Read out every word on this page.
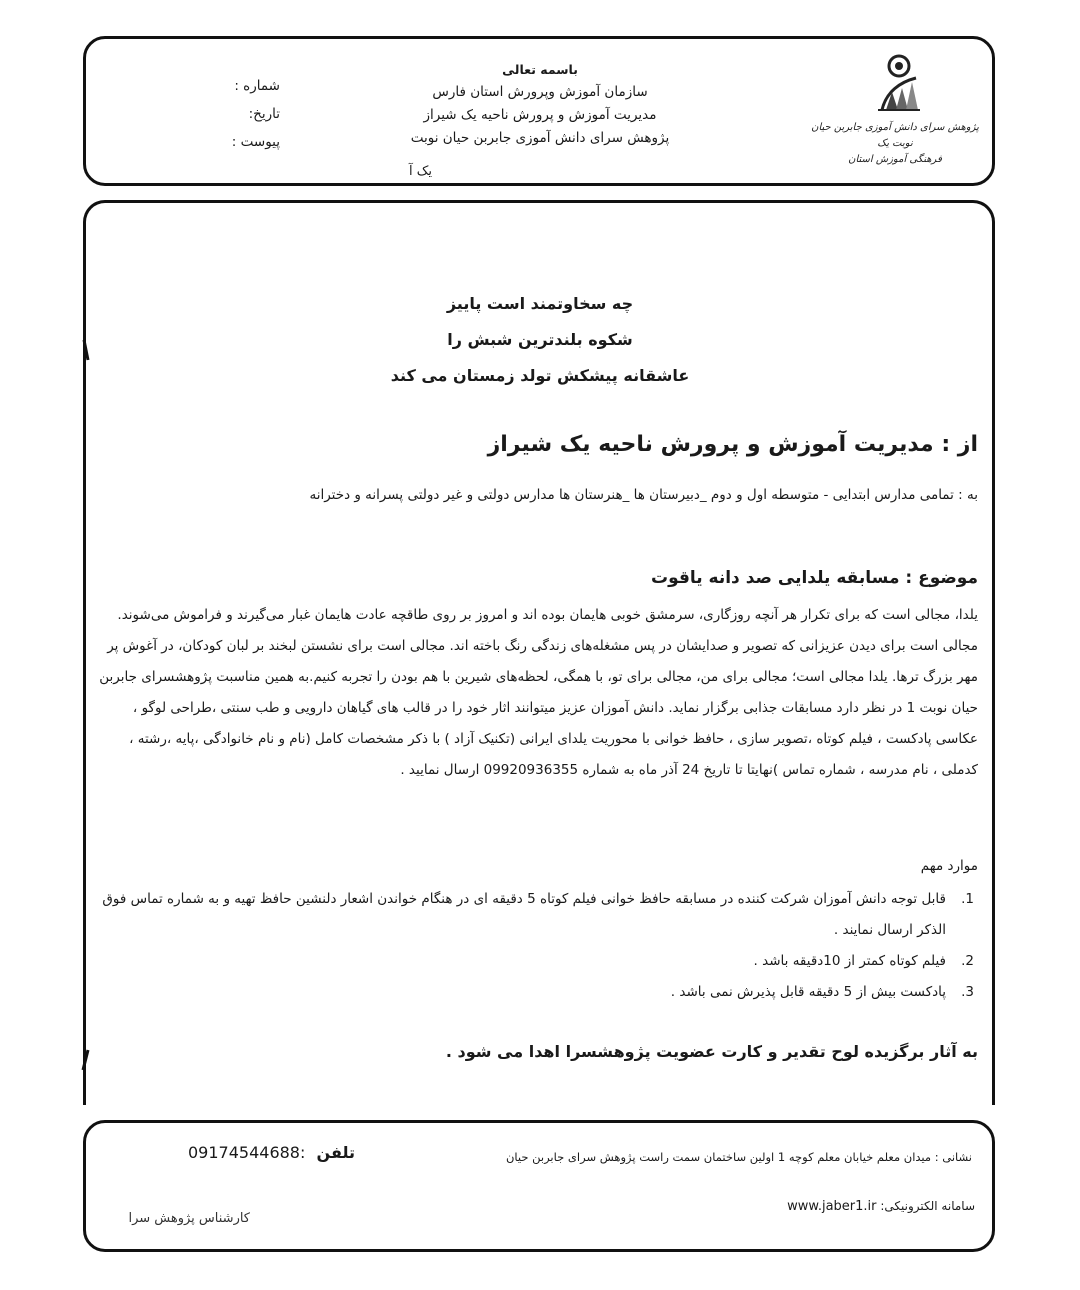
پژوهش سرای دانش آموزی جابربن حیان نوبت یک
فرهنگی آموزش استان
باسمه تعالی
سازمان آموزش وپرورش استان فارس
مدیریت آموزش و پرورش ناحیه یک شیراز
پژوهش سرای دانش آموزی جابربن حیان نوبت
یک آ
شماره :
تاریخ:
پیوست :
چه سخاوتمند است پاییز
شکوه بلندترین شبش را
عاشقانه پیشکش تولد زمستان می کند
از : مدیریت آموزش و پرورش ناحیه یک شیراز
به : تمامی مدارس ابتدایی - متوسطه اول و دوم _دبیرستان ها _هنرستان ها مدارس دولتی و غیر دولتی پسرانه و دخترانه
موضوع : مسابقه یلدایی صد دانه یاقوت

یلدا، مجالی است که برای تکرار هر آنچه روزگاری، سرمشق خوبی هایمان بوده اند و امروز بر روی طاقچه عادت هایمان غبار می‌گیرند و فراموش می‌شوند. مجالی است برای دیدن عزیزانی که تصویر و صدایشان در پس مشغله‌های زندگی رنگ باخته اند. مجالی است برای نشستن لبخند بر لبان کودکان، در آغوش پر مهر بزرگ ترها. یلدا مجالی است؛ مجالی برای من، مجالی برای تو، با همگی، لحظه‌های شیرین با هم بودن را تجربه کنیم.به همین مناسبت پژوهشسرای جابربن حیان نوبت 1 در نظر دارد مسابقات جذابی برگزار نماید. دانش آموزان عزیز میتوانند اثار خود را در قالب های گیاهان دارویی و طب سنتی ،طراحی لوگو ، عکاسی پادکست ، فیلم کوتاه ،تصویر سازی ، حافظ خوانی با محوریت یلدای ایرانی (تکنیک آزاد ) با ذکر مشخصات کامل (نام و نام خانوادگی ،پایه ،رشته ، کدملی ، نام مدرسه ، شماره تماس )نهایتا تا تاریخ 24 آذر ماه به شماره 09920936355 ارسال نمایید .

موارد مهم
1.
قابل توجه دانش آموزان شرکت کننده در مسابقه حافظ خوانی فیلم کوتاه 5 دقیقه ای در هنگام خواندن اشعار دلنشین حافظ تهیه و به شماره تماس فوق الذکر ارسال نمایند .
2.
فیلم کوتاه کمتر از 10دقیقه باشد .
3.
پادکست بیش از 5 دقیقه قابل پذیرش نمی باشد .
به آثار برگزیده لوح تقدیر و کارت عضویت پژوهشسرا اهدا می شود .
نشانی : میدان معلم خیابان معلم کوچه 1 اولین ساختمان سمت راست پژوهش سرای جابربن حیان
تلفن
09174544688:
سامانه الکترونیکی: www.jaber1.ir
کارشناس پژوهش سرا
